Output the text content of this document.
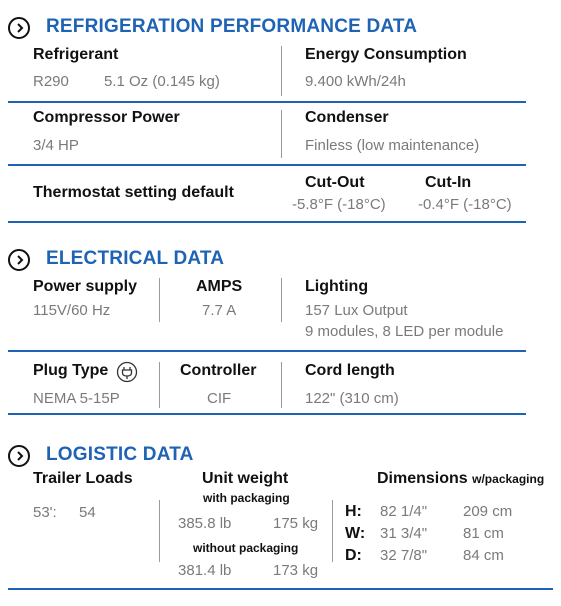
REFRIGERATION PERFORMANCE DATA
Refrigerant
R290 5.1 Oz (0.145 kg)
Energy Consumption
9.400 kWh/24h
Compressor Power
3/4 HP
Condenser
Finless (low maintenance)
Thermostat setting default
Cut-Out
-5.8°F (-18°C)
Cut-In
-0.4°F (-18°C)
ELECTRICAL DATA
Power supply
115V/60 Hz
AMPS
7.7 A
Lighting
157 Lux Output
9 modules, 8 LED per module
Plug Type
NEMA 5-15P
Controller
CIF
Cord length
122" (310 cm)
LOGISTIC DATA
Trailer Loads
53': 54
Unit weight
with packaging
385.8 lb	175 kg
without packaging
381.4 lb	173 kg
Dimensions w/packaging
H: 82 1/4" 209 cm
W: 31 3/4" 81 cm
D: 32 7/8" 84 cm
